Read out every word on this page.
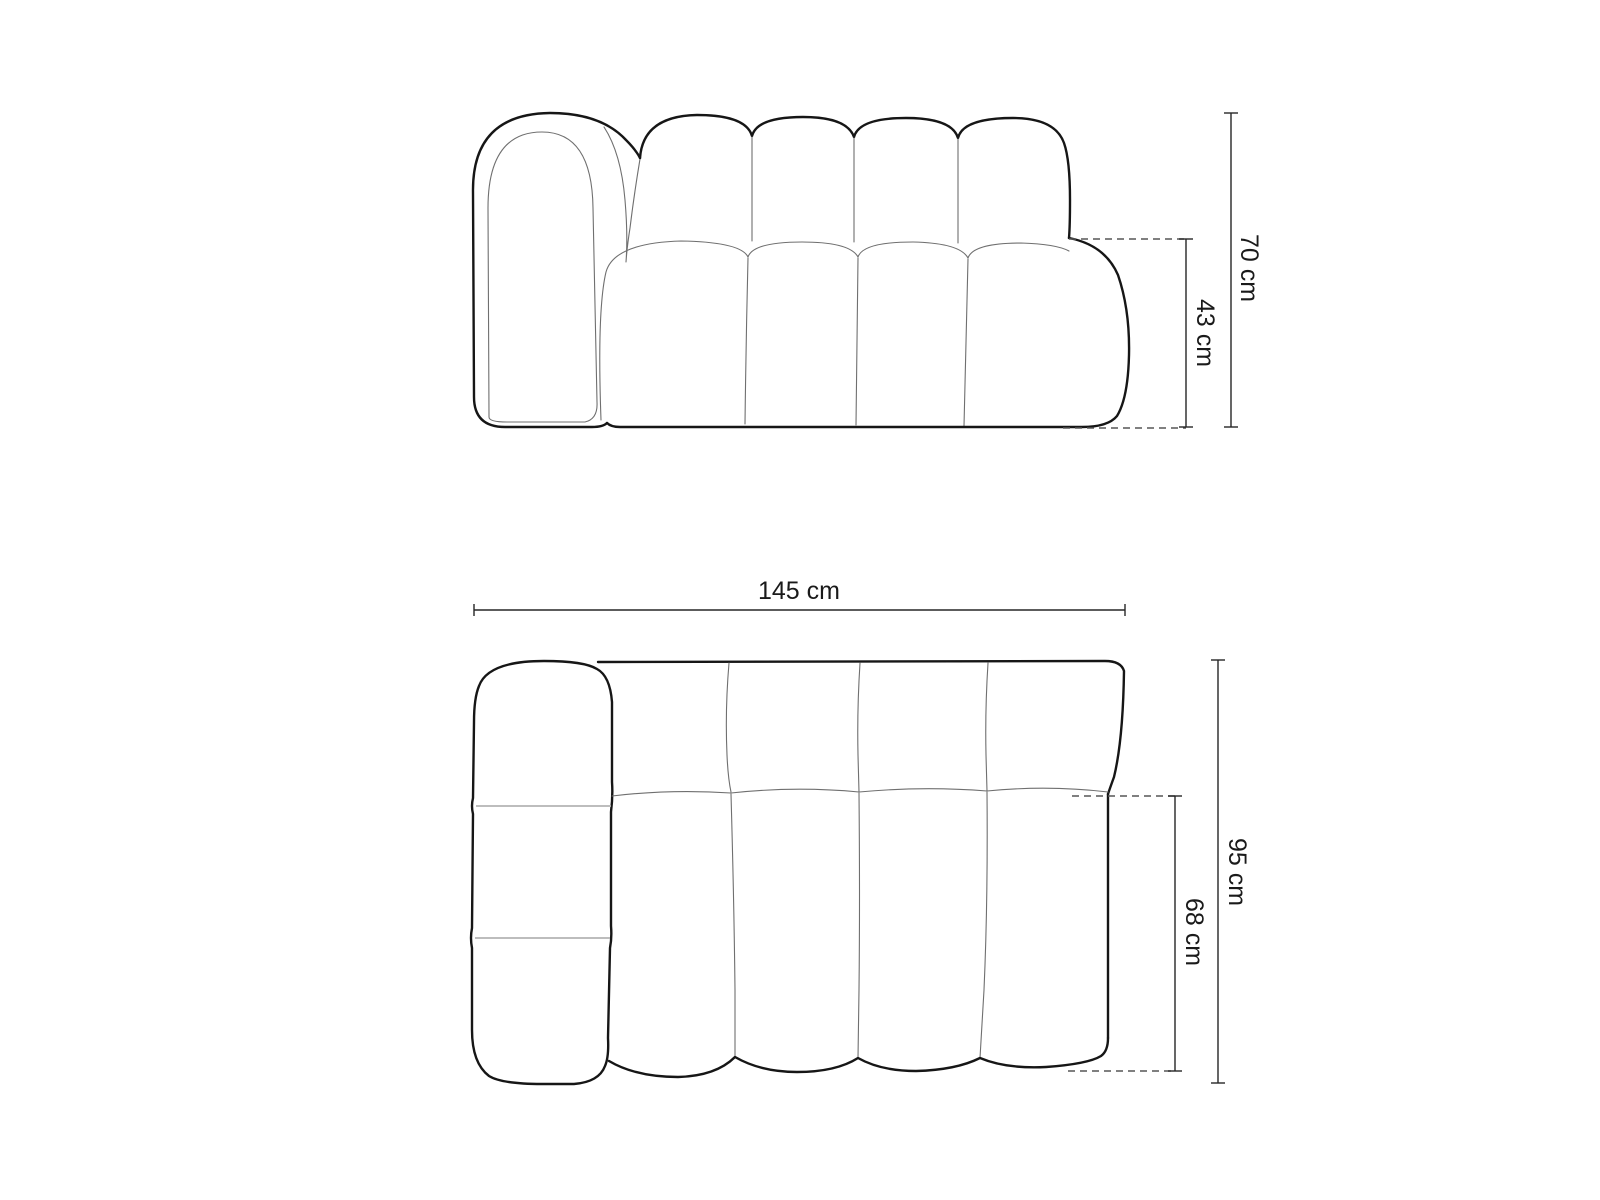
43 cm
70 cm
145 cm
68 cm
95 cm
